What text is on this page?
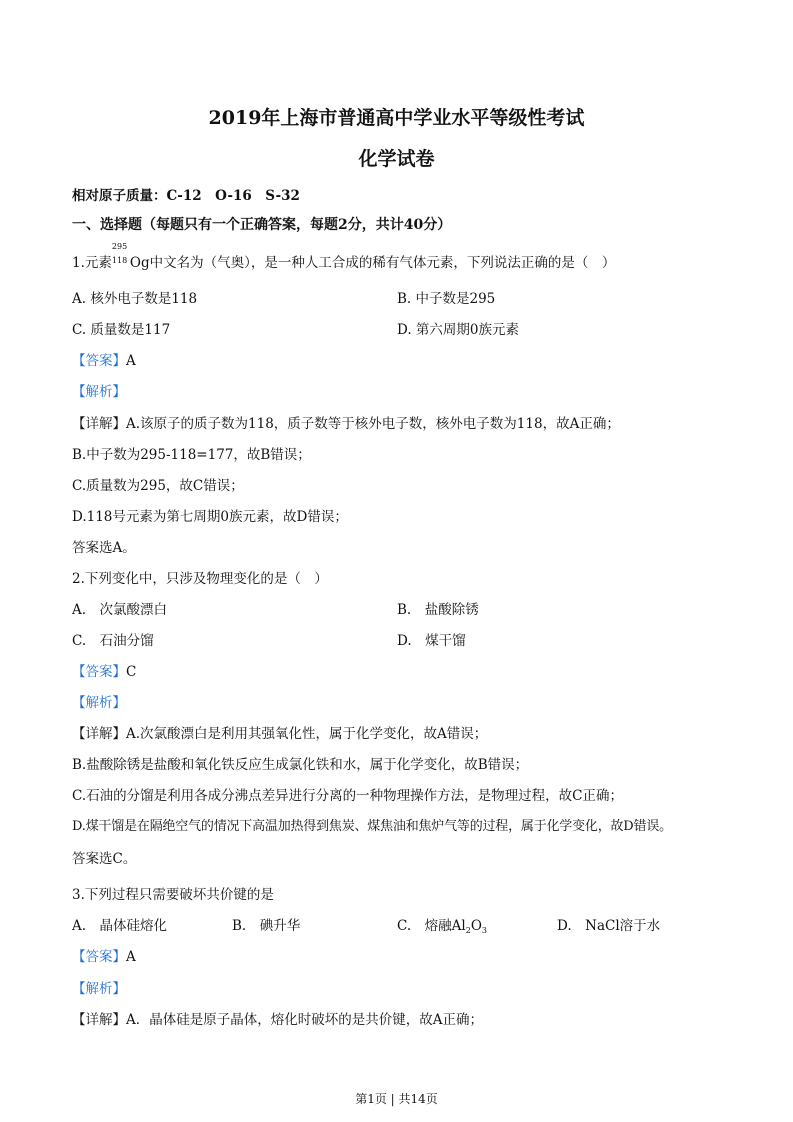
2019年上海市普通高中学业水平等级性考试
化学试卷
相对原子质量：C-12　O-16　S-32
一、选择题（每题只有一个正确答案，每题2分，共计40分）
1.元素
295
118 Og中文名为（气奥），是一种人工合成的稀有气体元素，下列说法正确的是（　）
A. 核外电子数是118	B. 中子数是295
C. 质量数是117	D. 第六周期0族元素
【答案】A
【解析】
【详解】A.该原子的质子数为118，质子数等于核外电子数，核外电子数为118，故A正确；
B.中子数为295-118=177，故B错误；
C.质量数为295，故C错误；
D.118号元素为第七周期0族元素，故D错误；
答案选A。
2.下列变化中，只涉及物理变化的是（　）
A.　次氯酸漂白	B.　盐酸除锈
C.　石油分馏	D.　煤干馏
【答案】C
【解析】
【详解】A.次氯酸漂白是利用其强氧化性，属于化学变化，故A错误；
B.盐酸除锈是盐酸和氧化铁反应生成氯化铁和水，属于化学变化，故B错误；
C.石油的分馏是利用各成分沸点差异进行分离的一种物理操作方法，是物理过程，故C正确；
D.煤干馏是在隔绝空气的情况下高温加热得到焦炭、煤焦油和焦炉气等的过程，属于化学变化，故D错误。
答案选C。
3.下列过程只需要破坏共价键的是
A.　晶体硅熔化	B.　碘升华	C.　熔融$Al_2O_3$	D.　NaCl溶于水
【答案】A
【解析】
【详解】A．晶体硅是原子晶体，熔化时破坏的是共价键，故A正确；
第1页 | 共14页
